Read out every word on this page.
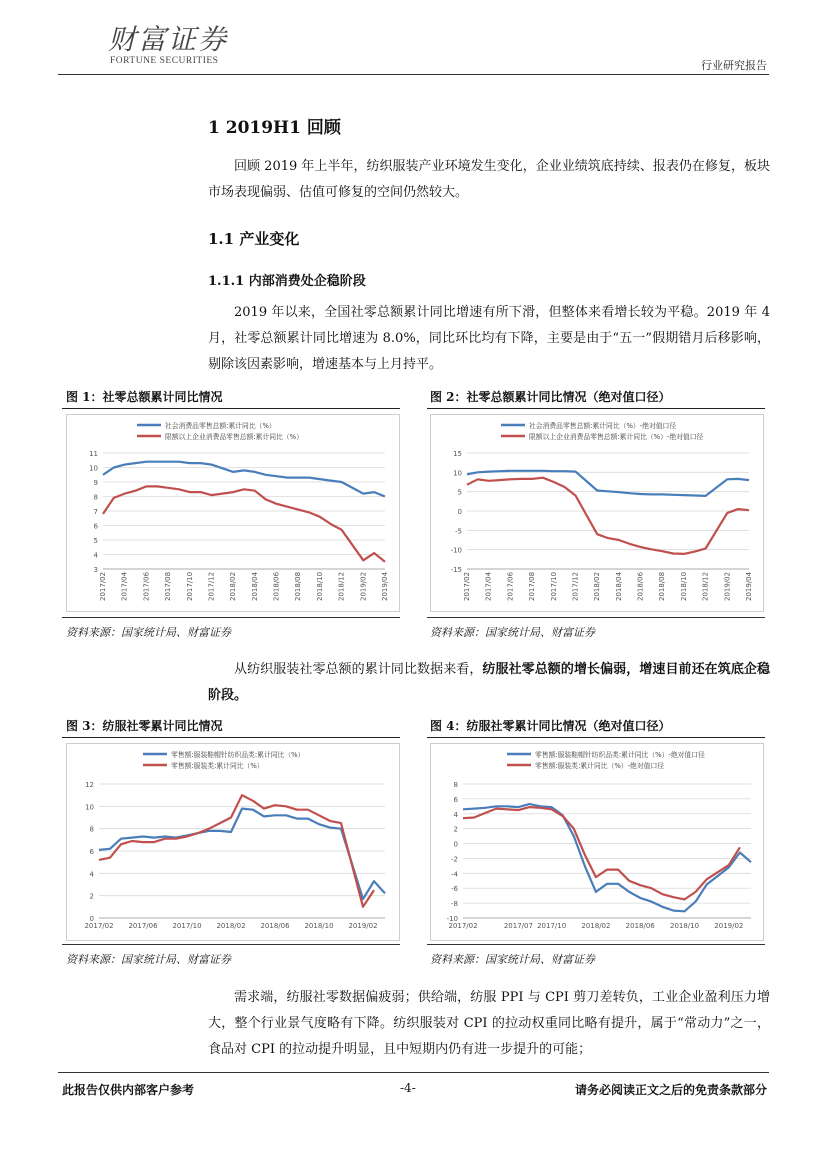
财富证券
FORTUNE SECURITIES	行业研究报告
1 2019H1 回顾
回顾 2019 年上半年，纺织服装产业环境发生变化，企业业绩筑底持续、报表仍在修复，板块市场表现偏弱、估值可修复的空间仍然较大。
1.1 产业变化
1.1.1 内部消费处企稳阶段
2019 年以来，全国社零总额累计同比增速有所下滑，但整体来看增长较为平稳。2019 年 4 月，社零总额累计同比增速为 8.0%，同比环比均有下降，主要是由于“五一”假期错月后移影响，剔除该因素影响，增速基本与上月持平。
图 1：社零总额累计同比情况
3
4
5
6
7
8
9
10
11
2017/02 2017/04 2017/06 2017/08 2017/10 2017/12 2018/02 2018/04 2018/06 2018/08 2018/10 2018/12 2019/02 2019/04
社会消费品零售总额:累计同比（%）
限额以上企业消费品零售总额:累计同比（%）
资料来源：国家统计局、财富证券
图 2：社零总额累计同比情况（绝对值口径）
-15
-10
-5
0
5
10
15
2017/02 2017/04 2017/06 2017/08 2017/10 2017/12 2018/02 2018/04 2018/06 2018/08 2018/10 2018/12 2019/02 2019/04
社会消费品零售总额:累计同比（%）-绝对值口径
限额以上企业消费品零售总额:累计同比（%）-绝对值口径
资料来源：国家统计局、财富证券
从纺织服装社零总额的累计同比数据来看，纺服社零总额的增长偏弱，增速目前还在筑底企稳阶段。
图 3：纺服社零累计同比情况
0
2
4
6
8
10
12
2017/02 2017/06 2017/10 2018/02 2018/06 2018/10 2019/02
零售额:服装鞋帽针纺织品类:累计同比（%）
零售额:服装类:累计同比（%）
资料来源：国家统计局、财富证券
图 4：纺服社零累计同比情况（绝对值口径）
-10
-8
-6
-4
-2
0
2
4
6
8
2017/02	2017/07 2017/10 2018/02 2018/06 2018/10 2019/02
零售额:服装鞋帽针纺织品类:累计同比（%）-绝对值口径
零售额:服装类:累计同比（%）-绝对值口径
资料来源：国家统计局、财富证券
需求端，纺服社零数据偏疲弱；供给端，纺服 PPI 与 CPI 剪刀差转负，工业企业盈利压力增大，整个行业景气度略有下降。纺织服装对 CPI 的拉动权重同比略有提升，属于“常动力”之一，食品对 CPI 的拉动提升明显，且中短期内仍有进一步提升的可能；
此报告仅供内部客户参考	-4-	请务必阅读正文之后的免责条款部分
